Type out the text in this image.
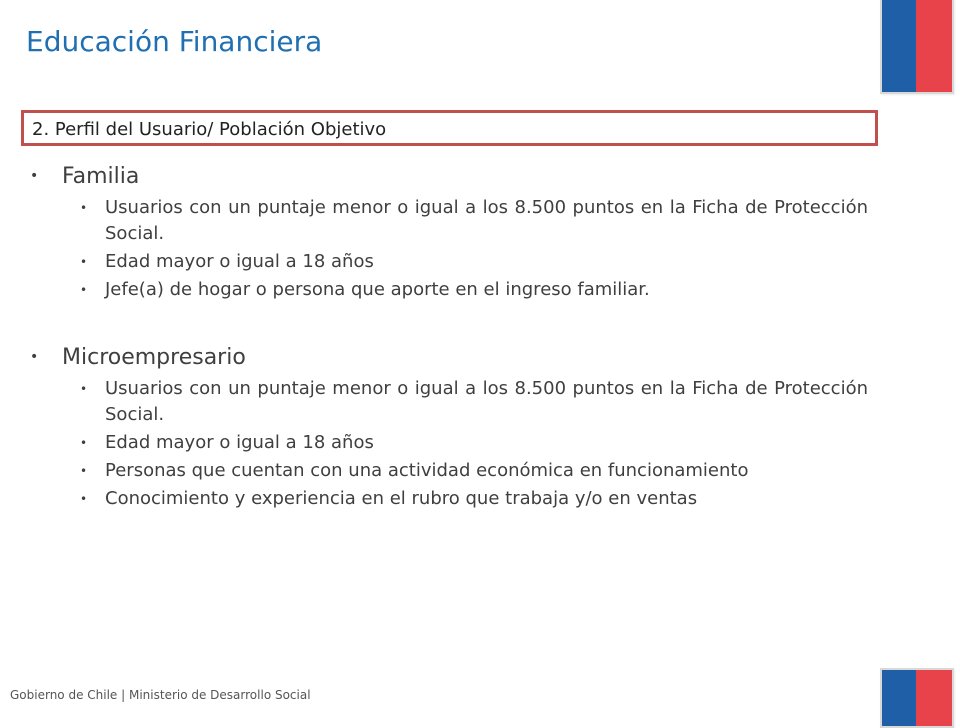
Educación Financiera
2. Perfil del Usuario/ Población Objetivo
• Familia
• Usuarios con un puntaje menor o igual a los 8.500 puntos en la Ficha de Protección Social.
• Edad mayor o igual a 18 años
• Jefe(a) de hogar o persona que aporte en el ingreso familiar.
• Microempresario
• Usuarios con un puntaje menor o igual a los 8.500 puntos en la Ficha de Protección Social.
• Edad mayor o igual a 18 años
• Personas que cuentan con una actividad económica en funcionamiento
• Conocimiento y experiencia en el rubro que trabaja y/o en ventas
Gobierno de Chile | Ministerio de Desarrollo Social
